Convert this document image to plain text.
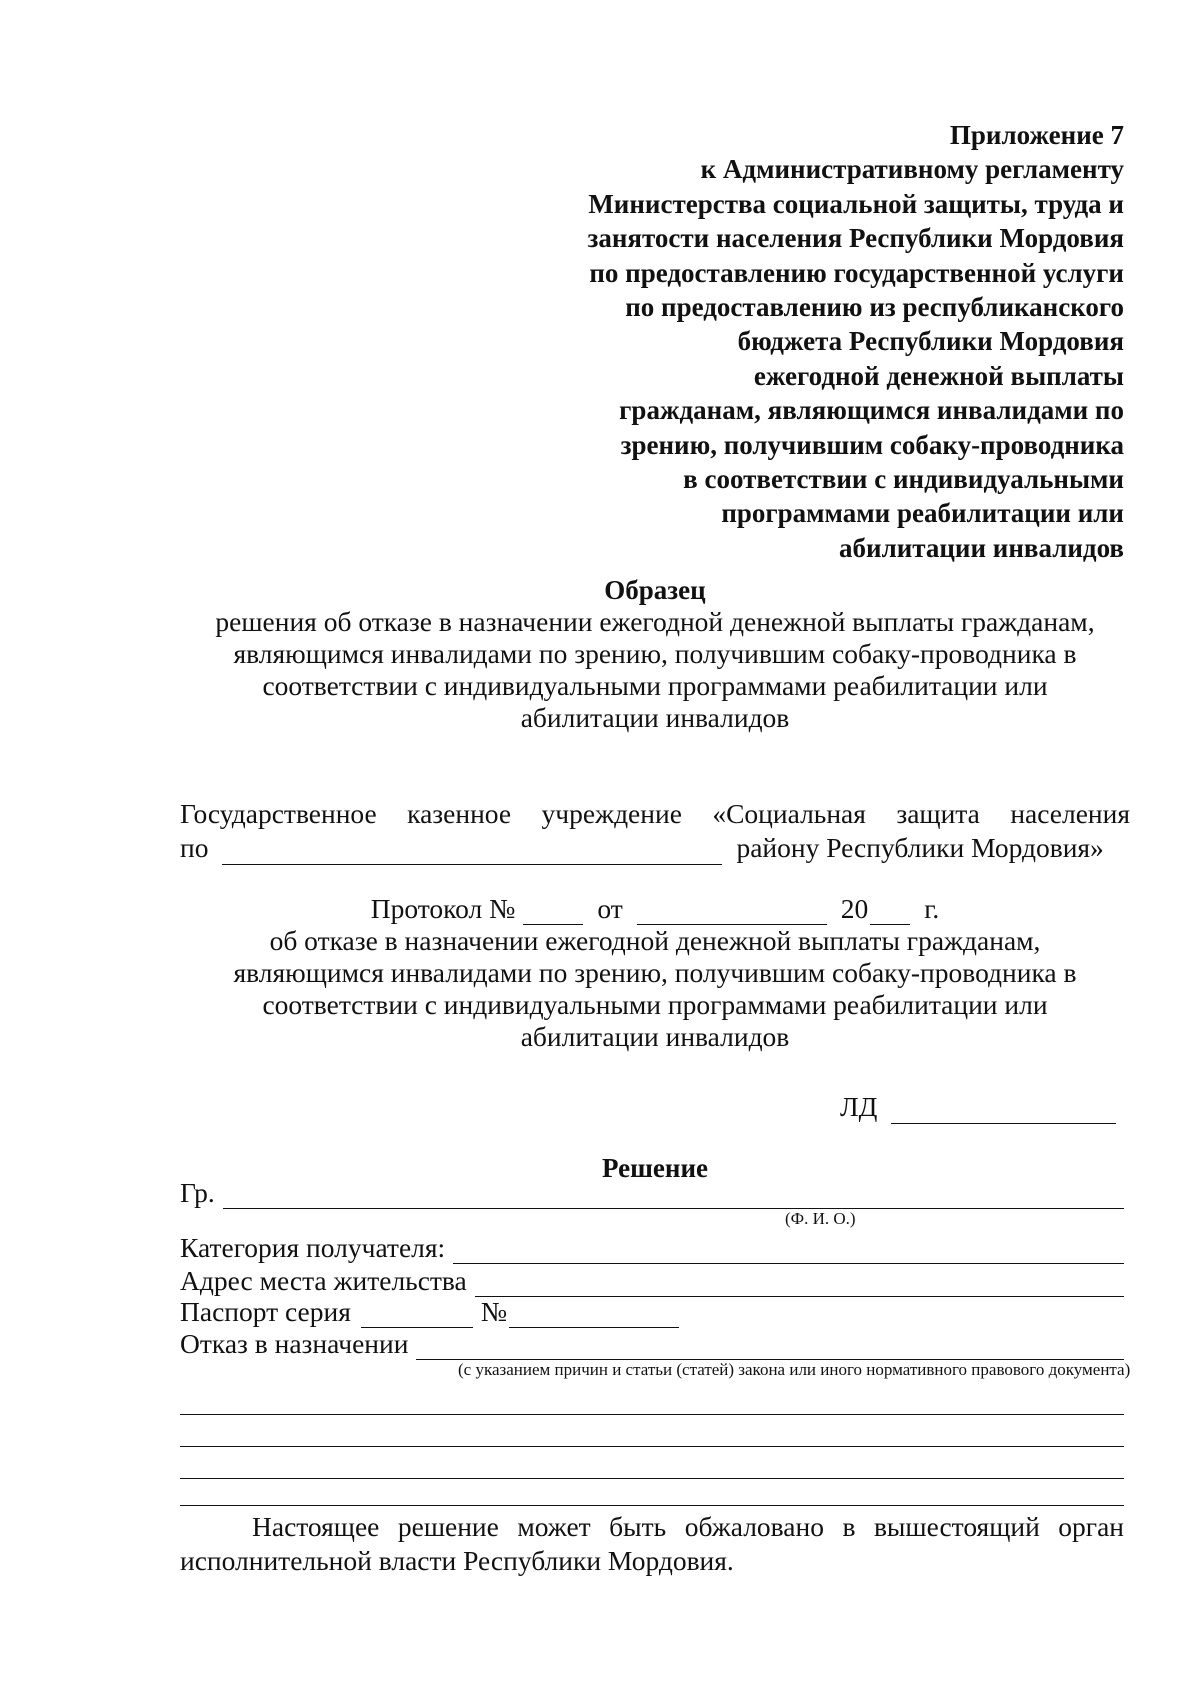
Приложение 7
к Административному регламенту
Министерства социальной защиты, труда и
занятости населения Республики Мордовия
по предоставлению государственной услуги
по предоставлению из республиканского
бюджета Республики Мордовия
ежегодной денежной выплаты
гражданам, являющимся инвалидами по
зрению, получившим собаку-проводника
в соответствии с индивидуальными
программами реабилитации или
абилитации инвалидов
Образец
решения об отказе в назначении ежегодной денежной выплаты гражданам,
являющимся инвалидами по зрению, получившим собаку-проводника в
соответствии с индивидуальными программами реабилитации или
абилитации инвалидов
Государственное казенное учреждение «Социальная защита населения
по	району Республики Мордовия»
Протокол №	от	20 г.
об отказе в назначении ежегодной денежной выплаты гражданам,
являющимся инвалидами по зрению, получившим собаку-проводника в
соответствии с индивидуальными программами реабилитации или
абилитации инвалидов
ЛД
Решение
Гр.
(Ф. И. О.)
Категория получателя:
Адрес места жительства
Паспорт серия	№
Отказ в назначении
(с указанием причин и статьи (статей) закона или иного нормативного правового документа)
Настоящее решение может быть обжаловано в вышестоящий орган
исполнительной власти Республики Мордовия.
